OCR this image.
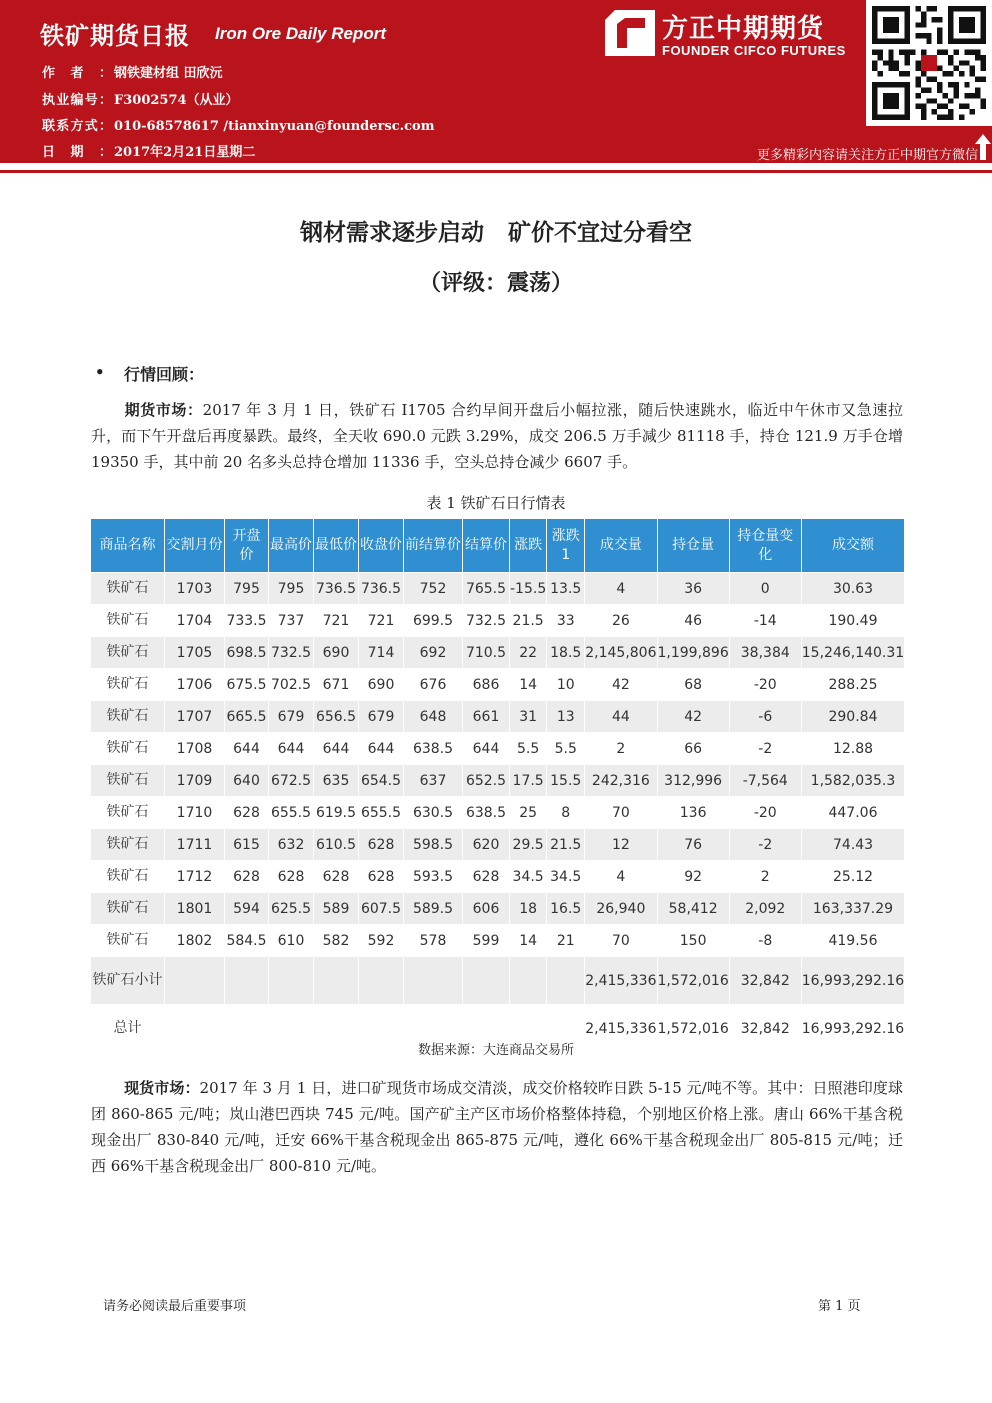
铁矿期货日报 Iron Ore Daily Report
作者： 钢铁建材组 田欣沅
执业编号： F3002574（从业）
联系方式： 010-68578617 /tianxinyuan@foundersc.com
日期： 2017年2月21日星期二
方正中期期货
FOUNDER CIFCO FUTURES
更多精彩内容请关注方正中期官方微信
钢材需求逐步启动   矿价不宜过分看空
（评级：震荡）
• 行情回顾：
期货市场：2017 年 3 月 1 日，铁矿石 I1705 合约早间开盘后小幅拉涨，随后快速跳水，临近中午休市又急速拉升，而下午开盘后再度暴跌。最终，全天收 690.0 元跌 3.29%，成交 206.5 万手减少 81118 手，持仓 121.9 万手仓增 19350 手，其中前 20 名多头总持仓增加 11336 手，空头总持仓减少 6607 手。
表 1 铁矿石日行情表
商品名称	交割月份	开盘价	最高价	最低价	收盘价	前结算价	结算价	涨跌	涨跌1	成交量	持仓量	持仓量变化	成交额
铁矿石	1703	795	795	736.5	736.5	752	765.5	-15.5	13.5	4	36	0	30.63
铁矿石	1704	733.5	737	721	721	699.5	732.5	21.5	33	26	46	-14	190.49
铁矿石	1705	698.5	732.5	690	714	692	710.5	22	18.5	2,145,806	1,199,896	38,384	15,246,140.31
铁矿石	1706	675.5	702.5	671	690	676	686	14	10	42	68	-20	288.25
铁矿石	1707	665.5	679	656.5	679	648	661	31	13	44	42	-6	290.84
铁矿石	1708	644	644	644	644	638.5	644	5.5	5.5	2	66	-2	12.88
铁矿石	1709	640	672.5	635	654.5	637	652.5	17.5	15.5	242,316	312,996	-7,564	1,582,035.3
铁矿石	1710	628	655.5	619.5	655.5	630.5	638.5	25	8	70	136	-20	447.06
铁矿石	1711	615	632	610.5	628	598.5	620	29.5	21.5	12	76	-2	74.43
铁矿石	1712	628	628	628	628	593.5	628	34.5	34.5	4	92	2	25.12
铁矿石	1801	594	625.5	589	607.5	589.5	606	18	16.5	26,940	58,412	2,092	163,337.29
铁矿石	1802	584.5	610	582	592	578	599	14	21	70	150	-8	419.56
铁矿石小计										2,415,336	1,572,016	32,842	16,993,292.16
总计										2,415,336	1,572,016	32,842	16,993,292.16
数据来源：大连商品交易所
现货市场：2017 年 3 月 1 日，进口矿现货市场成交清淡，成交价格较昨日跌 5-15 元/吨不等。其中：日照港印度球团 860-865 元/吨；岚山港巴西块 745 元/吨。国产矿主产区市场价格整体持稳，个别地区价格上涨。唐山 66%干基含税现金出厂 830-840 元/吨，迁安 66%干基含税现金出 865-875 元/吨，遵化 66%干基含税现金出厂 805-815 元/吨；迁西 66%干基含税现金出厂 800-810 元/吨。
请务必阅读最后重要事项	第 1 页
